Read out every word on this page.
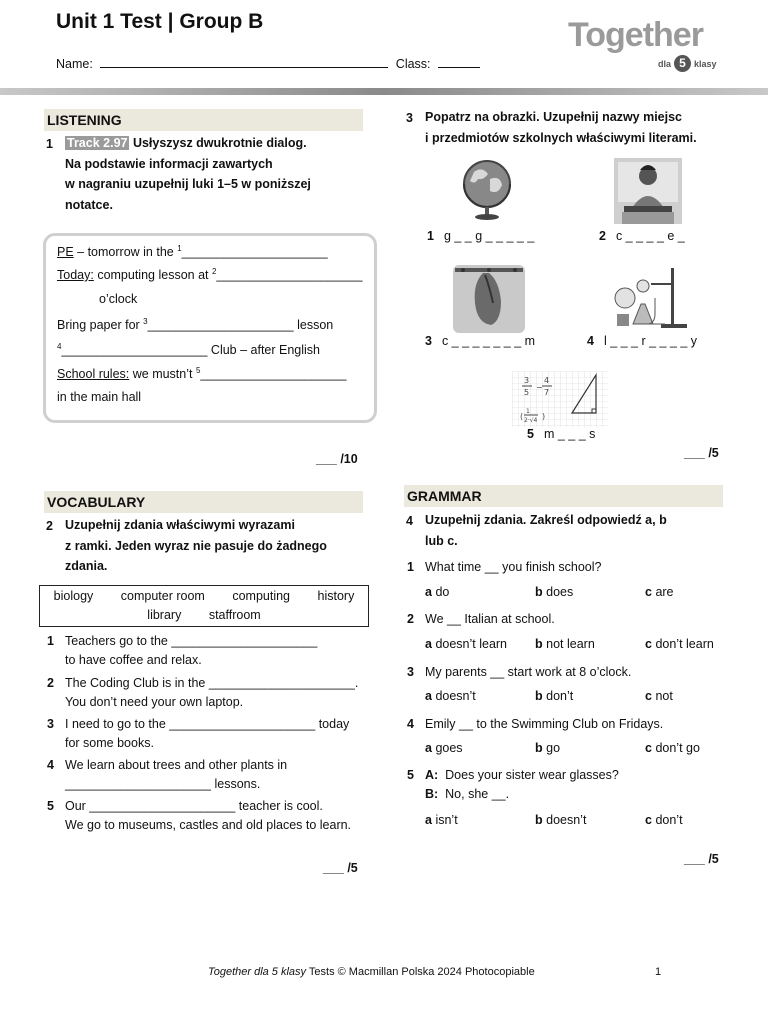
Unit 1 Test | Group B
Name:	Class:
Together
dla 5 klasy
LISTENING
1 Track 2.97 Usłyszysz dwukrotnie dialog.
Na podstawie informacji zawartych
w nagraniu uzupełnij luki 1–5 w poniższej
notatce.
PE – tomorrow in the $^1$_____________________
Today: computing lesson at $^2$_____________________
o’clock
Bring paper for $^3$_____________________ lesson
$^4$_____________________ Club – after English
School rules: we mustn’t $^5$_____________________
in the main hall
___ /10
VOCABULARY
2 Uzupełnij zdania właściwymi wyrazami
z ramki. Jeden wyraz nie pasuje do żadnego
zdania.
biology computer room computing history
library staffroom
1 Teachers go to the _____________________
to have coffee and relax.
2 The Coding Club is in the _____________________.
You don’t need your own laptop.
3 I need to go to the _____________________ today
for some books.
4 We learn about trees and other plants in
_____________________ lessons.
5 Our _____________________ teacher is cool.
We go to museums, castles and old places to learn.
___ /5
3 Popatrz na obrazki. Uzupełnij nazwy miejsc
i przedmiotów szkolnych właściwymi literami.
1 g _ _ g _ _ _ _ _	2 c _ _ _ _ e _
3 c _ _ _ _ _ _ _ m	4 l _ _ _ r _ _ _ _ y
3
5
−
4
7
(
1
2·√4 )
5 m _ _ _ s
___ /5
GRAMMAR
4 Uzupełnij zdania. Zakreśl odpowiedź a, b
lub c.
1 What time __ you finish school?
a do	b does	c are
2 We __ Italian at school.
a doesn’t learn b not learn	c don’t learn
3 My parents __ start work at 8 o’clock.
a doesn’t	b don’t	c not
4 Emily __ to the Swimming Club on Fridays.
a goes	b go	c don’t go
5 A: Does your sister wear glasses?
B: No, she __.
a isn’t	b doesn’t	c don’t
___ /5
Together dla 5 klasy Tests © Macmillan Polska 2024 Photocopiable	1
